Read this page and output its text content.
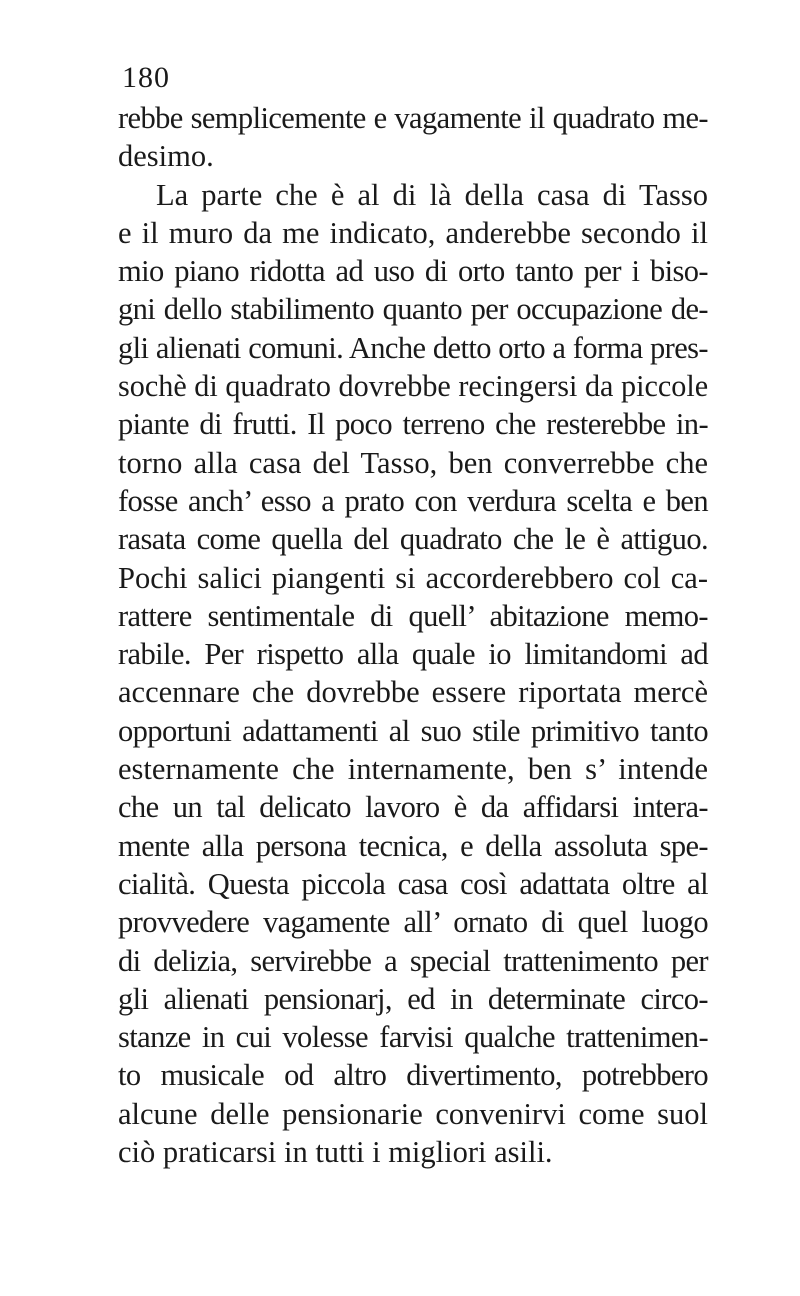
180
rebbe semplicemente e vagamente il quadrato me-
desimo.
La parte che è al di là della casa di Tasso
e il muro da me indicato, anderebbe secondo il
mio piano ridotta ad uso di orto tanto per i biso-
gni dello stabilimento quanto per occupazione de-
gli alienati comuni. Anche detto orto a forma pres-
sochè di quadrato dovrebbe recingersi da piccole
piante di frutti. Il poco terreno che resterebbe in-
torno alla casa del Tasso, ben converrebbe che
fosse anch’ esso a prato con verdura scelta e ben
rasata come quella del quadrato che le è attiguo.
Pochi salici piangenti si accorderebbero col ca-
rattere sentimentale di quell’ abitazione memo-
rabile. Per rispetto alla quale io limitandomi ad
accennare che dovrebbe essere riportata mercè
opportuni adattamenti al suo stile primitivo tanto
esternamente che internamente, ben s’ intende
che un tal delicato lavoro è da affidarsi intera-
mente alla persona tecnica, e della assoluta spe-
cialità. Questa piccola casa così adattata oltre al
provvedere vagamente all’ ornato di quel luogo
di delizia, servirebbe a special trattenimento per
gli alienati pensionarj, ed in determinate circo-
stanze in cui volesse farvisi qualche trattenimen-
to musicale od altro divertimento, potrebbero
alcune delle pensionarie convenirvi come suol
ciò praticarsi in tutti i migliori asili.
